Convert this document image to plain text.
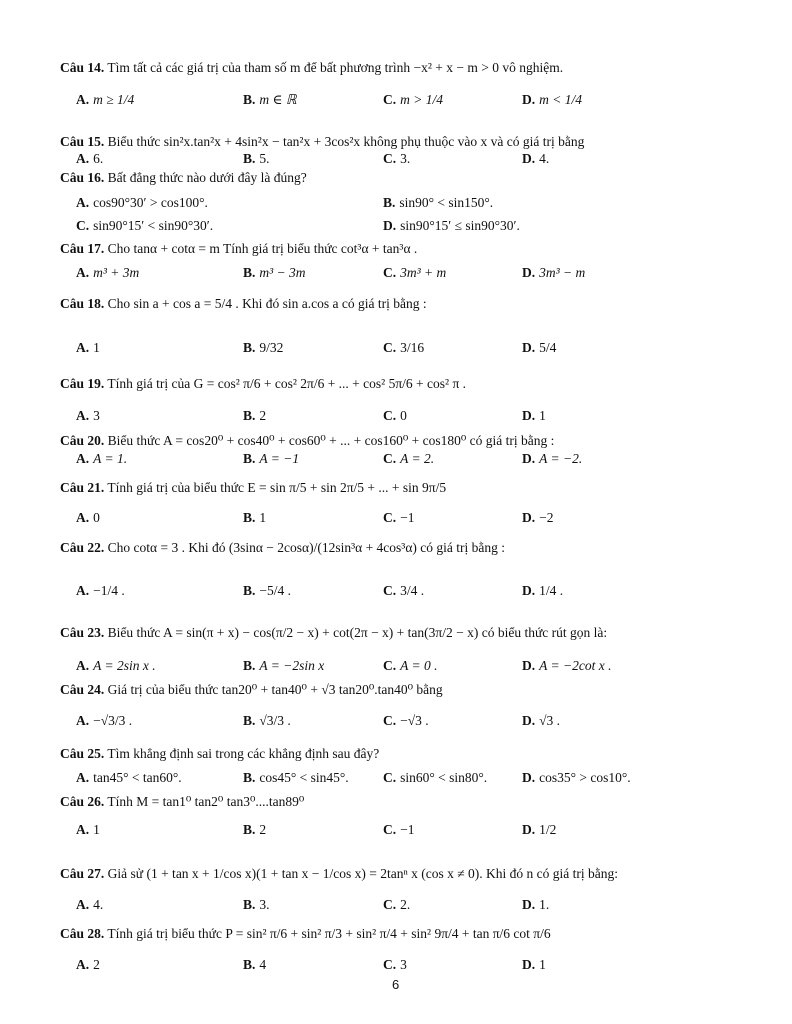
Câu 14. Tìm tất cả các giá trị của tham số m để bất phương trình −x² + x − m > 0 vô nghiệm.
A. m ≥ 1/4	B. m ∈ ℝ	C. m > 1/4	D. m < 1/4
Câu 15. Biểu thức sin²x.tan²x + 4sin²x − tan²x + 3cos²x không phụ thuộc vào x và có giá trị bằng
A. 6.	B. 5.	C. 3.	D. 4.
Câu 16. Bất đẳng thức nào dưới đây là đúng?
A. cos90°30′ > cos100°.	B. sin90° < sin150°.
C. sin90°15′ < sin90°30′.	D. sin90°15′ ≤ sin90°30′.
Câu 17. Cho tanα + cotα = m Tính giá trị biểu thức cot³α + tan³α .
A. m³ + 3m	B. m³ − 3m	C. 3m³ + m	D. 3m³ − m
Câu 18. Cho sin a + cos a = 5/4 . Khi đó sin a.cos a có giá trị bằng :
A. 1	B. 9/32	C. 3/16	D. 5/4
Câu 19. Tính giá trị của G = cos² π/6 + cos² 2π/6 + ... + cos² 5π/6 + cos² π .
A. 3	B. 2	C. 0	D. 1
Câu 20. Biểu thức A = cos20⁰ + cos40⁰ + cos60⁰ + ... + cos160⁰ + cos180⁰ có giá trị bằng :
A. A = 1.	B. A = −1	C. A = 2.	D. A = −2.
Câu 21. Tính giá trị của biểu thức E = sin π/5 + sin 2π/5 + ... + sin 9π/5
A. 0	B. 1	C. −1	D. −2
Câu 22. Cho cotα = 3 . Khi đó (3sinα − 2cosα)/(12sin³α + 4cos³α) có giá trị bằng :
A. −1/4 .	B. −5/4 .	C. 3/4 .	D. 1/4 .
Câu 23. Biểu thức A = sin(π + x) − cos(π/2 − x) + cot(2π − x) + tan(3π/2 − x) có biểu thức rút gọn là:
A. A = 2sin x .	B. A = −2sin x	C. A = 0 .	D. A = −2cot x .
Câu 24. Giá trị của biểu thức tan20⁰ + tan40⁰ + √3 tan20⁰.tan40⁰ bằng
A. −√3/3 .	B. √3/3 .	C. −√3 .	D. √3 .
Câu 25. Tìm khẳng định sai trong các khẳng định sau đây?
A. tan45° < tan60°.	B. cos45° < sin45°.	C. sin60° < sin80°.	D. cos35° > cos10°.
Câu 26. Tính M = tan1⁰ tan2⁰ tan3⁰....tan89⁰
A. 1	B. 2	C. −1	D. 1/2
Câu 27. Giả sử (1 + tan x + 1/cos x)(1 + tan x − 1/cos x) = 2tanⁿ x (cos x ≠ 0). Khi đó n có giá trị bằng:
A. 4.	B. 3.	C. 2.	D. 1.
Câu 28. Tính giá trị biểu thức P = sin² π/6 + sin² π/3 + sin² π/4 + sin² 9π/4 + tan π/6 cot π/6
A. 2	B. 4	C. 3	D. 1
6
